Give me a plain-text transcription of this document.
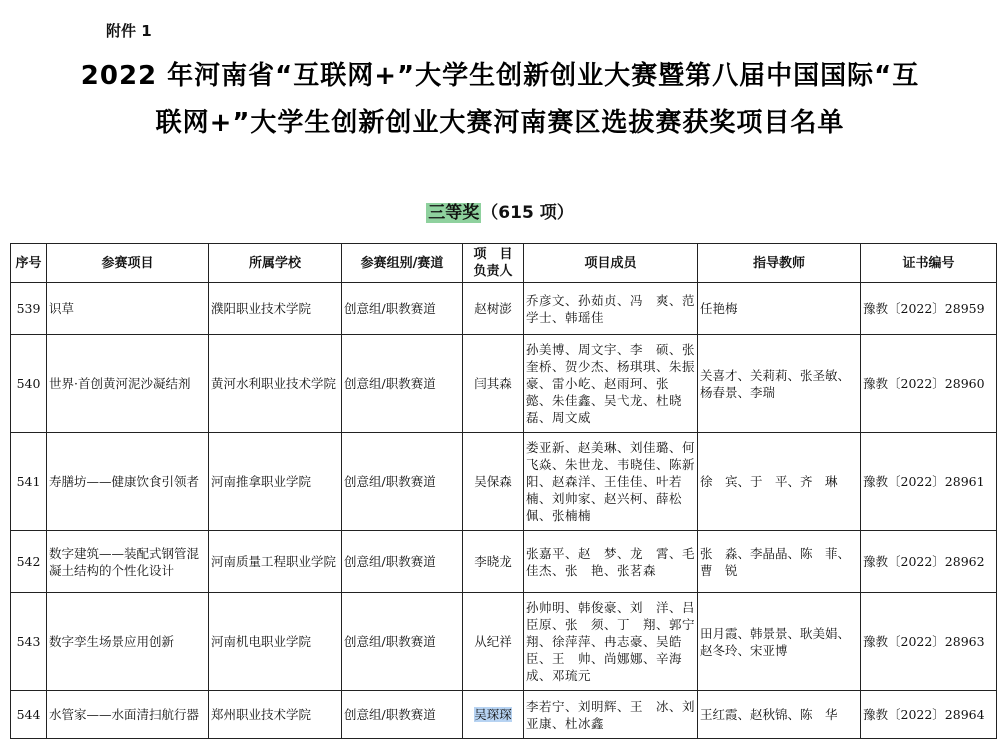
附件 1
2022 年河南省“互联网+”大学生创新创业大赛暨第八届中国国际“互
联网+”大学生创新创业大赛河南赛区选拔赛获奖项目名单
三等奖 （615 项）
序号	参赛项目	所属学校	参赛组别/赛道	项　目 负责人	项目成员	指导教师	证书编号
539	识草	濮阳职业技术学院	创意组/职教赛道	赵树澎	乔彦文、孙茹贞、冯　爽、范学士、韩瑶佳	任艳梅	豫教〔2022〕28959
540	世界·首创黄河泥沙凝结剂	黄河水利职业技术学院	创意组/职教赛道	闫其森	孙美博、周文宇、李　硕、张奎桥、贺少杰、杨琪琪、朱振豪、雷小屹、赵雨珂、张　懿、朱佳鑫、吴弋龙、杜晓磊、周文威	关喜才、关莉莉、张圣敏、杨春景、李瑞	豫教〔2022〕28960
541	寿膳坊——健康饮食引领者	河南推拿职业学院	创意组/职教赛道	吴保森	娄亚新、赵美琳、刘佳璐、何飞焱、朱世龙、韦晓佳、陈新阳、赵森洋、王佳佳、叶若楠、刘帅家、赵兴柯、薛松佩、张楠楠	徐　宾、于　平、齐　琳	豫教〔2022〕28961
542	数字建筑——装配式钢管混凝土结构的个性化设计	河南质量工程职业学院	创意组/职教赛道	李晓龙	张嘉平、赵　梦、龙　霄、毛佳杰、张　艳、张茗森	张　淼、李晶晶、陈　菲、曹　锐	豫教〔2022〕28962
543	数字孪生场景应用创新	河南机电职业学院	创意组/职教赛道	从纪祥	孙帅明、韩俊豪、刘　洋、吕臣原、张　须、丁　翔、郭宁翔、徐萍萍、冉志豪、吴皓臣、王　帅、尚娜娜、辛海成、邓琉元	田月霞、韩景景、耿美娟、赵冬玲、宋亚博	豫教〔2022〕28963
544	水管家——水面清扫航行器	郑州职业技术学院	创意组/职教赛道	吴琛琛	李若宁、刘明辉、王　冰、刘亚康、杜冰鑫	王红霞、赵秋锦、陈　华	豫教〔2022〕28964
